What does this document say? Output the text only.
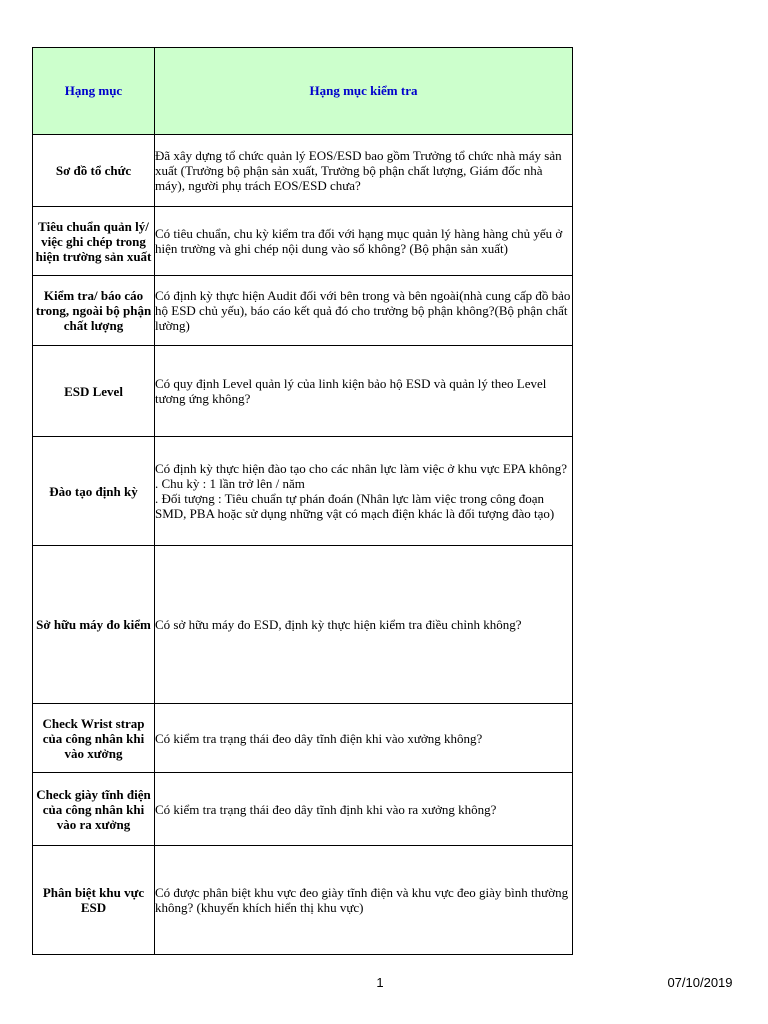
Hạng mục	Hạng mục kiểm tra
Sơ đồ tổ chức	Đã xây dựng tổ chức quản lý EOS/ESD bao gồm Trưởng tổ chức nhà máy sản xuất (Trưởng bộ phận sản xuất, Trưởng bộ phận chất lượng, Giám đốc nhà máy), người phụ trách EOS/ESD chưa?

Tiêu chuẩn quản lý/ việc ghi chép trong hiện trường sản xuất	Có tiêu chuẩn, chu kỳ kiểm tra đối với hạng mục quản lý hàng hàng chủ yếu ở hiện trường và ghi chép nội dung vào sổ không? (Bộ phận sản xuất)

Kiểm tra/ báo cáo trong, ngoài bộ phận chất lượng	Có định kỳ thực hiện Audit đối với bên trong và bên ngoài(nhà cung cấp đồ bảo hộ ESD chủ yếu), báo cáo kết quả đó cho trưởng bộ phận không?(Bộ phận chất lường)

ESD Level	Có quy định Level quản lý của linh kiện bảo hộ ESD và quản lý theo Level tương ứng không?

Đào tạo định kỳ	Có định kỳ thực hiện đào tạo cho các nhân lực làm việc ở khu vực EPA không?
. Chu kỳ : 1 lần trở lên / năm
. Đối tượng : Tiêu chuẩn tự phán đoán (Nhân lực làm việc trong công đoạn SMD, PBA hoặc sử dụng những vật có mạch điện khác là đối tượng đào tạo)

Sở hữu máy đo kiểm	Có sở hữu máy đo ESD, định kỳ thực hiện kiểm tra điều chỉnh không?

Check Wrist strap của công nhân khi vào xưởng	Có kiểm tra trạng thái đeo dây tĩnh điện khi vào xưởng không?

Check giày tĩnh điện của công nhân khi vào ra xưởng	Có kiểm tra trạng thái đeo dây tĩnh định khi vào ra xưởng không?

Phân biệt khu vực ESD	Có được phân biệt khu vực đeo giày tĩnh điện và khu vực đeo giày bình thường không? (khuyến khích hiển thị khu vực)
1	07/10/2019
